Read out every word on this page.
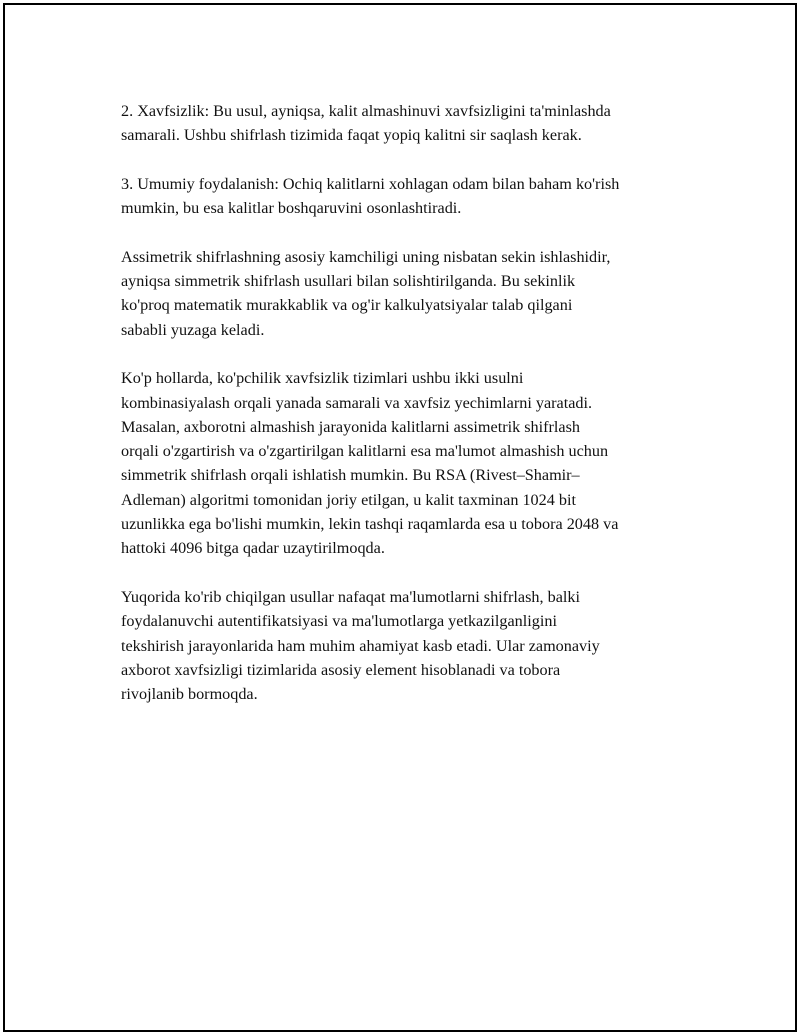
2. Xavfsizlik: Bu usul, ayniqsa, kalit almashinuvi xavfsizligini ta'minlashda
samarali. Ushbu shifrlash tizimida faqat yopiq kalitni sir saqlash kerak.

3. Umumiy foydalanish: Ochiq kalitlarni xohlagan odam bilan baham ko'rish
mumkin, bu esa kalitlar boshqaruvini osonlashtiradi.

Assimetrik shifrlashning asosiy kamchiligi uning nisbatan sekin ishlashidir,
ayniqsa simmetrik shifrlash usullari bilan solishtirilganda. Bu sekinlik
ko'proq matematik murakkablik va og'ir kalkulyatsiyalar talab qilgani
sababli yuzaga keladi.

Ko'p hollarda, ko'pchilik xavfsizlik tizimlari ushbu ikki usulni
kombinasiyalash orqali yanada samarali va xavfsiz yechimlarni yaratadi.
Masalan, axborotni almashish jarayonida kalitlarni assimetrik shifrlash
orqali o'zgartirish va o'zgartirilgan kalitlarni esa ma'lumot almashish uchun
simmetrik shifrlash orqali ishlatish mumkin. Bu RSA (Rivest–Shamir–
Adleman) algoritmi tomonidan joriy etilgan, u kalit taxminan 1024 bit
uzunlikka ega bo'lishi mumkin, lekin tashqi raqamlarda esa u tobora 2048 va
hattoki 4096 bitga qadar uzaytirilmoqda.

Yuqorida ko'rib chiqilgan usullar nafaqat ma'lumotlarni shifrlash, balki
foydalanuvchi autentifikatsiyasi va ma'lumotlarga yetkazilganligini
tekshirish jarayonlarida ham muhim ahamiyat kasb etadi. Ular zamonaviy
axborot xavfsizligi tizimlarida asosiy element hisoblanadi va tobora
rivojlanib bormoqda.
